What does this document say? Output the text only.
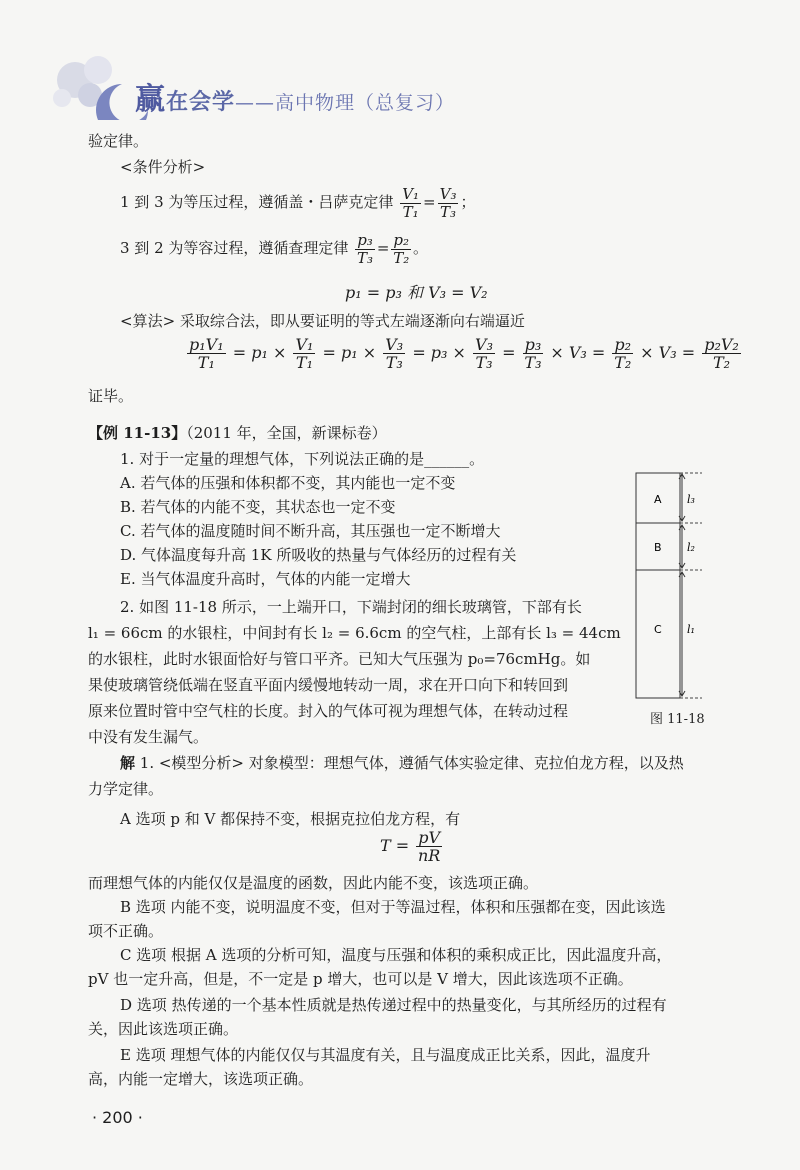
赢在会学——高中物理（总复习）
验定律。
<条件分析>
1 到 3 为等压过程，遵循盖・吕萨克定律 $\frac{\text{V₁}}{\text{T₁}} = \frac{\text{V₃}}{\text{T₃}}$ ；
3 到 2 为等容过程，遵循查理定律 $\frac{\text{p₃}}{\text{T₃}} = \frac{\text{p₂}}{\text{T₂}}$ 。
p₁ = p₃ 和 V₃ = V₂
<算法> 采取综合法，即从要证明的等式左端逐渐向右端逼近
$\frac{\text{p₁V₁}}{\text{T₁}} = p_1 \times \frac{\text{V₁}}{\text{T₁}} = p_1 \times \frac{\text{V₃}}{\text{T₃}} = p_3 \times \frac{\text{V₃}}{\text{T₃}} = \frac{\text{p₃}}{\text{T₃}} \times V_3 = \frac{\text{p₂}}{\text{T₂}} \times V_3 = \frac{\text{p₂V₂}}{\text{T₂}}$
证毕。
【例 11-13】（2011 年，全国，新课标卷）
1. 对于一定量的理想气体，下列说法正确的是______。
A. 若气体的压强和体积都不变，其内能也一定不变
B. 若气体的内能不变，其状态也一定不变
C. 若气体的温度随时间不断升高，其压强也一定不断增大
D. 气体温度每升高 1K 所吸收的热量与气体经历的过程有关
E. 当气体温度升高时，气体的内能一定增大
2. 如图 11-18 所示，一上端开口，下端封闭的细长玻璃管，下部有长
l₁ = 66cm 的水银柱，中间封有长 l₂ = 6.6cm 的空气柱，上部有长 l₃ = 44cm
的水银柱，此时水银面恰好与管口平齐。已知大气压强为 p₀=76cmHg。如
果使玻璃管绕低端在竖直平面内缓慢地转动一周，求在开口向下和转回到
原来位置时管中空气柱的长度。封入的气体可视为理想气体，在转动过程
中没有发生漏气。
A
B
C
l₃
l₂
l₁
图 11-18
解 1. <模型分析> 对象模型：理想气体，遵循气体实验定律、克拉伯龙方程，以及热
力学定律。
A 选项 p 和 V 都保持不变，根据克拉伯龙方程，有
$T = \frac{pV}{nR}$
而理想气体的内能仅仅是温度的函数，因此内能不变，该选项正确。
B 选项 内能不变，说明温度不变，但对于等温过程，体积和压强都在变，因此该选
项不正确。
C 选项 根据 A 选项的分析可知，温度与压强和体积的乘积成正比，因此温度升高，
pV 也一定升高，但是，不一定是 p 增大，也可以是 V 增大，因此该选项不正确。
D 选项 热传递的一个基本性质就是热传递过程中的热量变化，与其所经历的过程有
关，因此该选项正确。
E 选项 理想气体的内能仅仅与其温度有关，且与温度成正比关系，因此，温度升
高，内能一定增大，该选项正确。
· 200 ·
